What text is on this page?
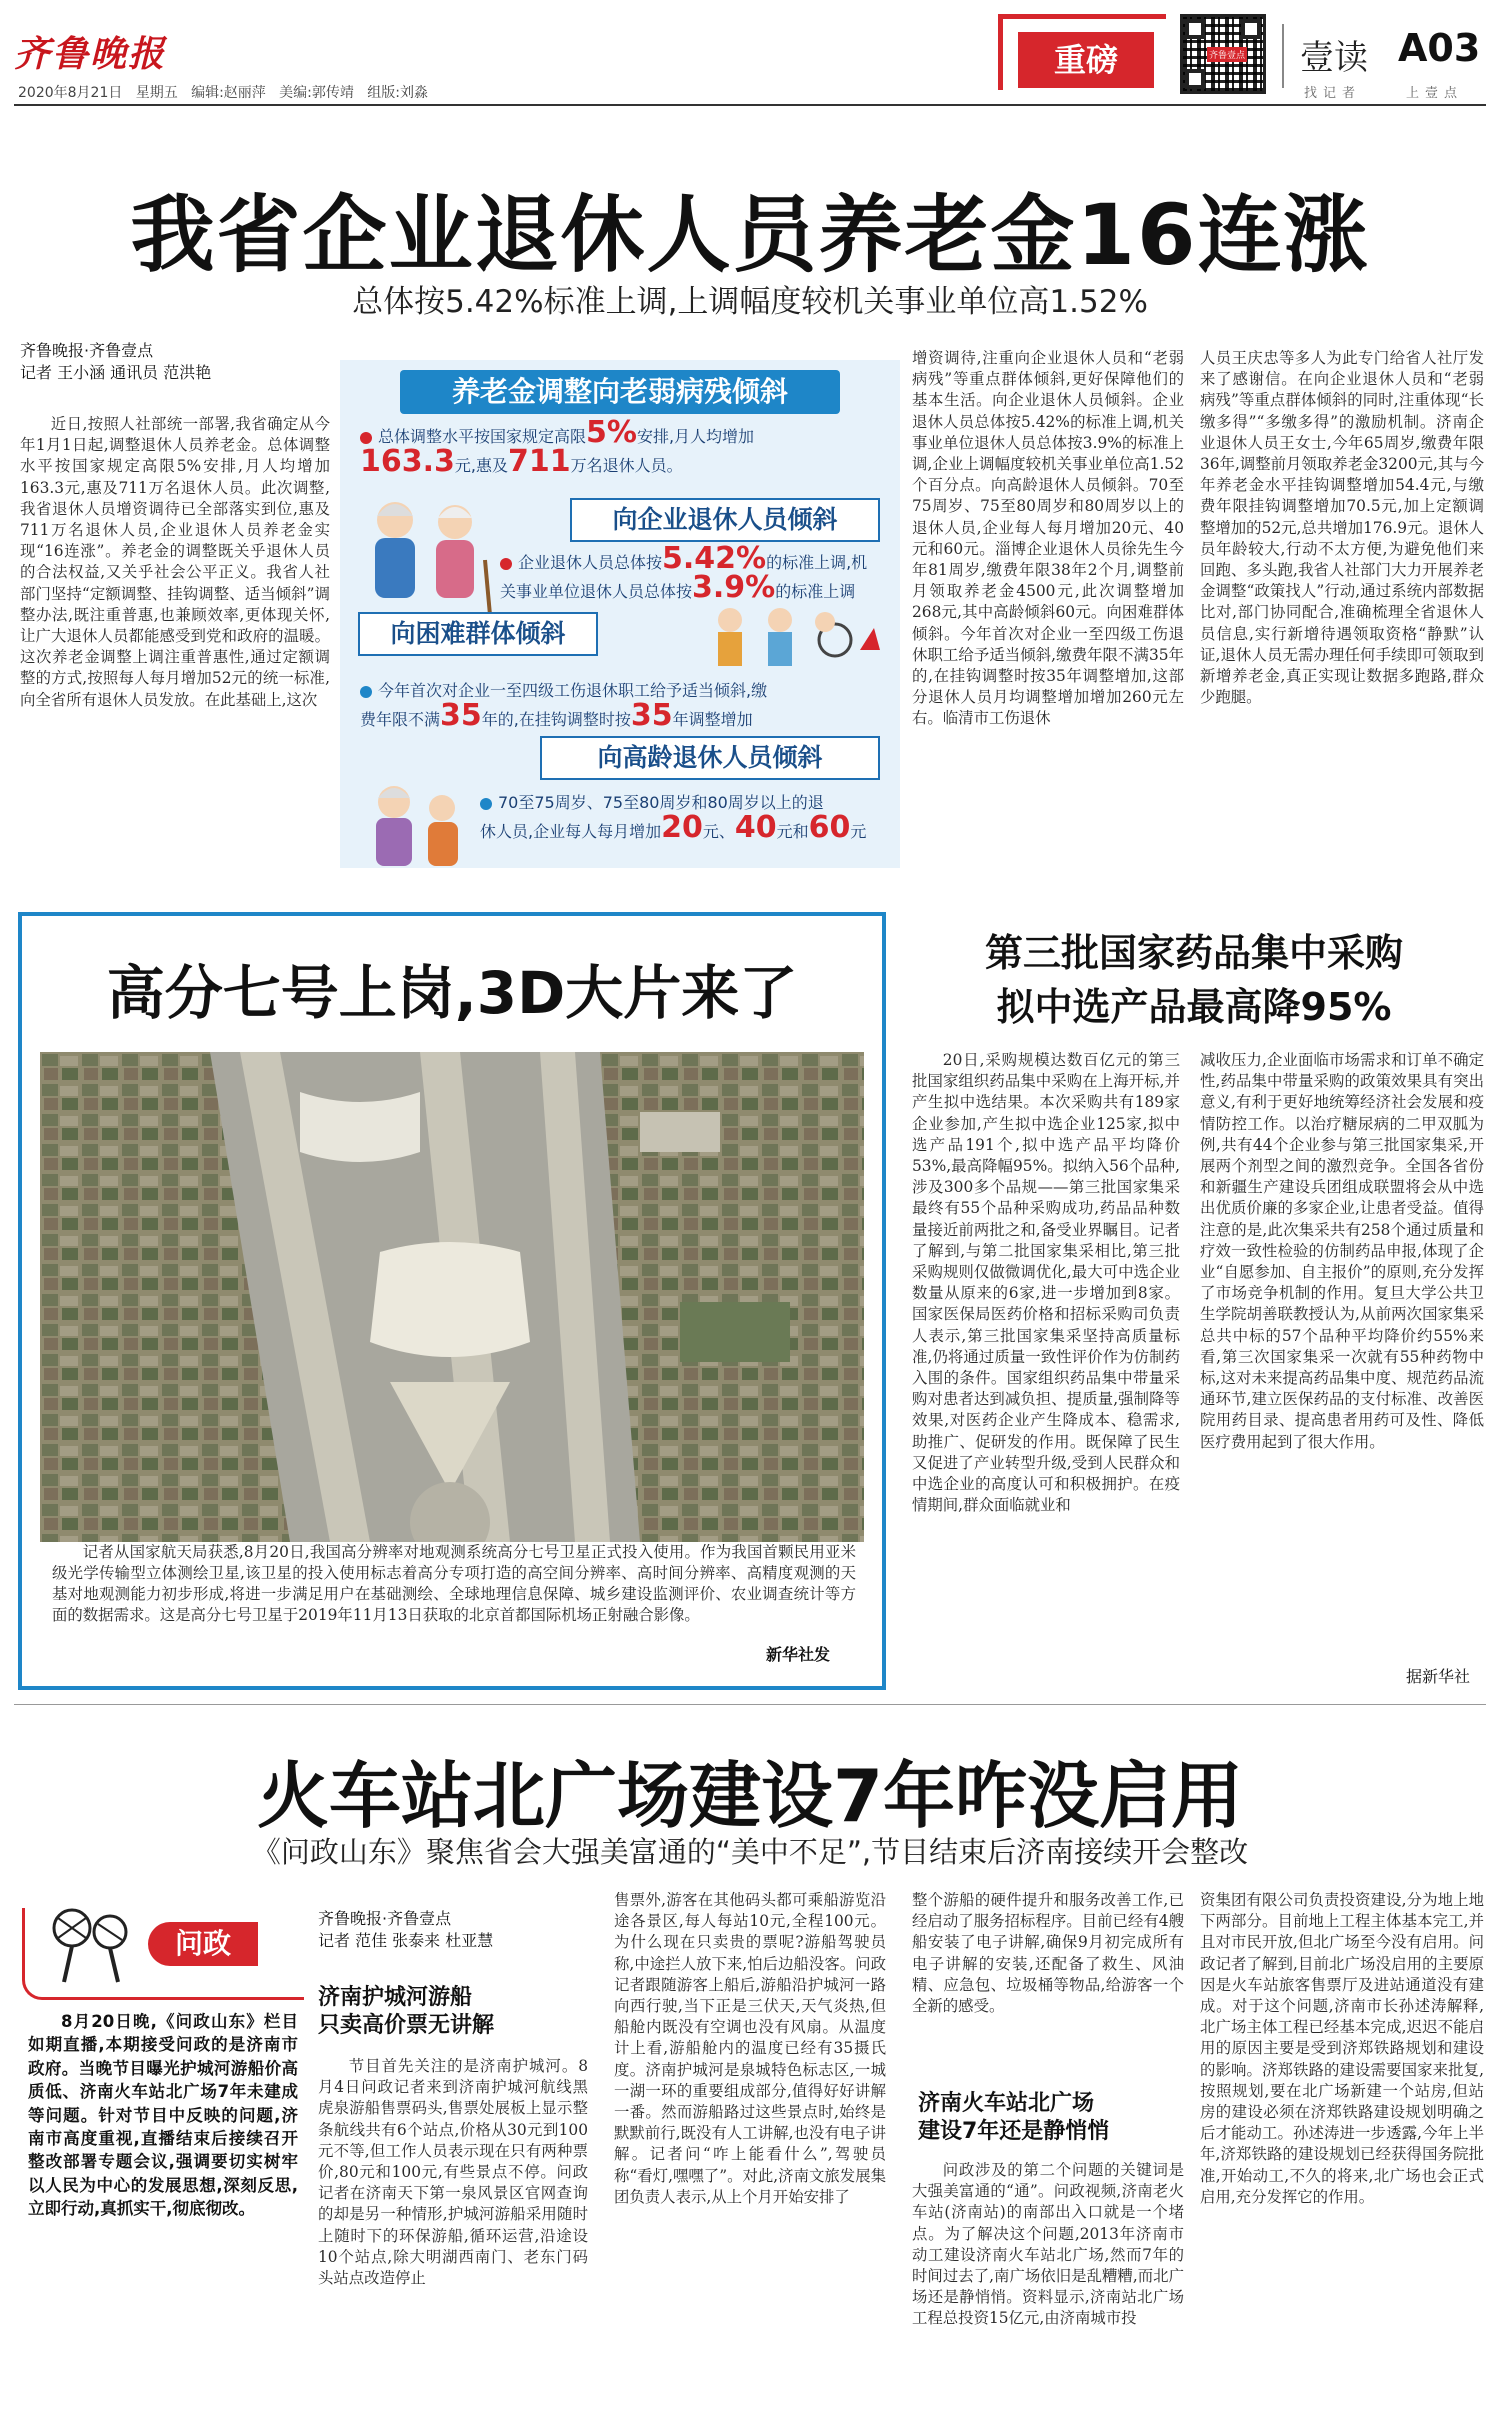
齐鲁晚报
2020年8月21日 星期五 编辑:赵丽萍 美编:郭传靖 组版:刘淼
重磅	齐鲁壹点 壹读 A03
找记者	上壹点
我省企业退休人员养老金16连涨
总体按5.42%标准上调,上调幅度较机关事业单位高1.52%
齐鲁晚报·齐鲁壹点
记者 王小涵 通讯员 范洪艳

近日,按照人社部统一部署,我省确定从今年1月1日起,调整退休人员养老金。总体调整水平按国家规定高限5%安排,月人均增加163.3元,惠及711万名退休人员。此次调整,我省退休人员增资调待已全部落实到位,惠及711万名退休人员,企业退休人员养老金实现“16连涨”。养老金的调整既关乎退休人员的合法权益,又关乎社会公平正义。我省人社部门坚持“定额调整、挂钩调整、适当倾斜”调整办法,既注重普惠,也兼顾效率,更体现关怀,让广大退休人员都能感受到党和政府的温暖。这次养老金调整上调注重普惠性,通过定额调整的方式,按照每人每月增加52元的统一标准,向全省所有退休人员发放。在此基础上,这次

增资调待,注重向企业退休人员和“老弱病残”等重点群体倾斜,更好保障他们的基本生活。向企业退休人员倾斜。企业退休人员总体按5.42%的标准上调,机关事业单位退休人员总体按3.9%的标准上调,企业上调幅度较机关事业单位高1.52个百分点。向高龄退休人员倾斜。70至75周岁、75至80周岁和80周岁以上的退休人员,企业每人每月增加20元、40元和60元。淄博企业退休人员徐先生今年81周岁,缴费年限38年2个月,调整前月领取养老金4500元,此次调整增加268元,其中高龄倾斜60元。向困难群体倾斜。今年首次对企业一至四级工伤退休职工给予适当倾斜,缴费年限不满35年的,在挂钩调整时按35年调整增加,这部分退休人员月均调整增加增加260元左右。临清市工伤退休

人员王庆忠等多人为此专门给省人社厅发来了感谢信。在向企业退休人员和“老弱病残”等重点群体倾斜的同时,注重体现“长缴多得”“多缴多得”的激励机制。济南企业退休人员王女士,今年65周岁,缴费年限36年,调整前月领取养老金3200元,其与今年养老金水平挂钩调整增加54.4元,与缴费年限挂钩调整增加70.5元,加上定额调整增加的52元,总共增加176.9元。退休人员年龄较大,行动不太方便,为避免他们来回跑、多头跑,我省人社部门大力开展养老金调整“政策找人”行动,通过系统内部数据比对,部门协同配合,准确梳理全省退休人员信息,实行新增待遇领取资格“静默”认证,退休人员无需办理任何手续即可领取到新增养老金,真正实现让数据多跑路,群众少跑腿。

养老金调整向老弱病残倾斜
总体调整水平按国家规定高限5%安排,月人均增加
163.3元,惠及711万名退休人员。
向企业退休人员倾斜
企业退休人员总体按5.42%的标准上调,机
关事业单位退休人员总体按3.9%的标准上调
向困难群体倾斜
今年首次对企业一至四级工伤退休职工给予适当倾斜,缴
费年限不满35年的,在挂钩调整时按35年调整增加
向高龄退休人员倾斜
70至75周岁、75至80周岁和80周岁以上的退
休人员,企业每人每月增加20元、40元和60元
高分七号上岗,3D大片来了
记者从国家航天局获悉,8月20日,我国高分辨率对地观测系统高分七号卫星正式投入使用。作为我国首颗民用亚米级光学传输型立体测绘卫星,该卫星的投入使用标志着高分专项打造的高空间分辨率、高时间分辨率、高精度观测的天基对地观测能力初步形成,将进一步满足用户在基础测绘、全球地理信息保障、城乡建设监测评价、农业调查统计等方面的数据需求。这是高分七号卫星于2019年11月13日获取的北京首都国际机场正射融合影像。
新华社发
第三批国家药品集中采购
拟中选产品最高降95%

20日,采购规模达数百亿元的第三批国家组织药品集中采购在上海开标,并产生拟中选结果。本次采购共有189家企业参加,产生拟中选企业125家,拟中选产品191个,拟中选产品平均降价53%,最高降幅95%。拟纳入56个品种,涉及300多个品规——第三批国家集采最终有55个品种采购成功,药品品种数量接近前两批之和,备受业界瞩目。记者了解到,与第二批国家集采相比,第三批采购规则仅做微调优化,最大可中选企业数量从原来的6家,进一步增加到8家。国家医保局医药价格和招标采购司负责人表示,第三批国家集采坚持高质量标准,仍将通过质量一致性评价作为仿制药入围的条件。国家组织药品集中带量采购对患者达到减负担、提质量,强制降等效果,对医药企业产生降成本、稳需求,助推广、促研发的作用。既保障了民生又促进了产业转型升级,受到人民群众和中选企业的高度认可和积极拥护。在疫情期间,群众面临就业和

减收压力,企业面临市场需求和订单不确定性,药品集中带量采购的政策效果具有突出意义,有利于更好地统筹经济社会发展和疫情防控工作。以治疗糖尿病的二甲双胍为例,共有44个企业参与第三批国家集采,开展两个剂型之间的激烈竞争。全国各省份和新疆生产建设兵团组成联盟将会从中选出优质价廉的多家企业,让患者受益。值得注意的是,此次集采共有258个通过质量和疗效一致性检验的仿制药品申报,体现了企业“自愿参加、自主报价”的原则,充分发挥了市场竞争机制的作用。复旦大学公共卫生学院胡善联教授认为,从前两次国家集采总共中标的57个品种平均降价约55%来看,第三次国家集采一次就有55种药物中标,这对未来提高药品集中度、规范药品流通环节,建立医保药品的支付标准、改善医院用药目录、提高患者用药可及性、降低医疗费用起到了很大作用。

据新华社
火车站北广场建设7年咋没启用
《问政山东》聚焦省会大强美富通的“美中不足”,节目结束后济南接续开会整改
问政
8月20日晚,《问政山东》栏目如期直播,本期接受问政的是济南市政府。当晚节目曝光护城河游船价高质低、济南火车站北广场7年未建成等问题。针对节目中反映的问题,济南市高度重视,直播结束后接续召开整改部署专题会议,强调要切实树牢以人民为中心的发展思想,深刻反思,立即行动,真抓实干,彻底彻改。
齐鲁晚报·齐鲁壹点
记者 范佳 张泰来 杜亚慧
济南护城河游船
只卖高价票无讲解

节目首先关注的是济南护城河。8月4日问政记者来到济南护城河航线黑虎泉游船售票码头,售票处展板上显示整条航线共有6个站点,价格从30元到100元不等,但工作人员表示现在只有两种票价,80元和100元,有些景点不停。问政记者在济南天下第一泉风景区官网查询的却是另一种情形,护城河游船采用随时上随时下的环保游船,循环运营,沿途设10个站点,除大明湖西南门、老东门码头站点改造停止

售票外,游客在其他码头都可乘船游览沿途各景区,每人每站10元,全程100元。为什么现在只卖贵的票呢?游船驾驶员称,中途拦人放下来,怕后边船没客。问政记者跟随游客上船后,游船沿护城河一路向西行驶,当下正是三伏天,天气炎热,但船舱内既没有空调也没有风扇。从温度计上看,游船舱内的温度已经有35摄氏度。济南护城河是泉城特色标志区,一城一湖一环的重要组成部分,值得好好讲解一番。然而游船路过这些景点时,始终是默默前行,既没有人工讲解,也没有电子讲解。记者问“咋上能看什么”,驾驶员称“看灯,嘿嘿了”。对此,济南文旅发展集团负责人表示,从上个月开始安排了

整个游船的硬件提升和服务改善工作,已经启动了服务招标程序。目前已经有4艘船安装了电子讲解,确保9月初完成所有电子讲解的安装,还配备了救生、风油精、应急包、垃圾桶等物品,给游客一个全新的感受。

济南火车站北广场
建设7年还是静悄悄

问政涉及的第二个问题的关键词是大强美富通的“通”。问政视频,济南老火车站(济南站)的南部出入口就是一个堵点。为了解决这个问题,2013年济南市动工建设济南火车站北广场,然而7年的时间过去了,南广场依旧是乱糟糟,而北广场还是静悄悄。资料显示,济南站北广场工程总投资15亿元,由济南城市投

资集团有限公司负责投资建设,分为地上地下两部分。目前地上工程主体基本完工,并且对市民开放,但北广场至今没有启用。问政记者了解到,目前北广场没启用的主要原因是火车站旅客售票厅及进站通道没有建成。对于这个问题,济南市长孙述涛解释,北广场主体工程已经基本完成,迟迟不能启用的原因主要是受到济郑铁路规划和建设的影响。济郑铁路的建设需要国家来批复,按照规划,要在北广场新建一个站房,但站房的建设必须在济郑铁路建设规划明确之后才能动工。孙述涛进一步透露,今年上半年,济郑铁路的建设规划已经获得国务院批准,开始动工,不久的将来,北广场也会正式启用,充分发挥它的作用。
